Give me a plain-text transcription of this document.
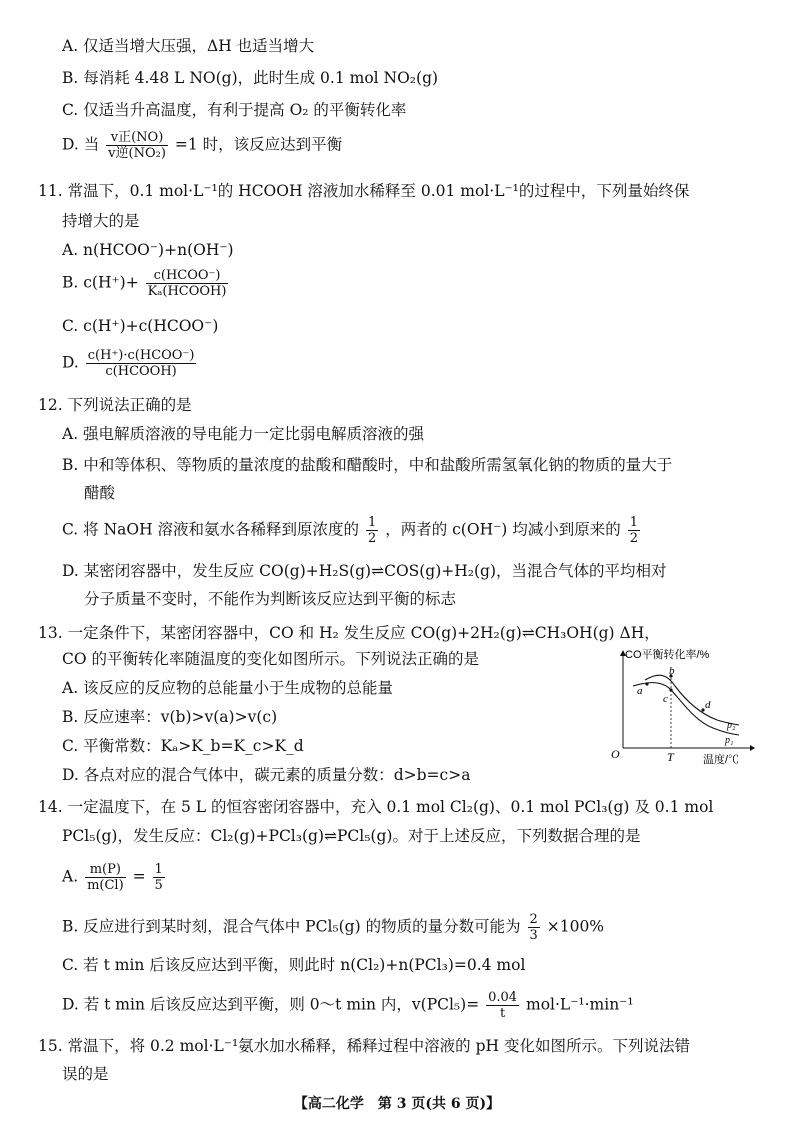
A. 仅适当增大压强，ΔH 也适当增大
B. 每消耗 4.48 L NO(g)，此时生成 0.1 mol NO₂(g)
C. 仅适当升高温度，有利于提高 O₂ 的平衡转化率
D. 当 $\frac{\text{v正(NO)}}{\text{v逆(NO₂)}} =1$ 时，该反应达到平衡
11. 常温下，0.1 mol·L⁻¹的 HCOOH 溶液加水稀释至 0.01 mol·L⁻¹的过程中，下列量始终保
持增大的是
A. n(HCOO⁻)+n(OH⁻)
B. $c(H^+)+ \frac{\text{c(HCOO⁻)}}{\text{Kₐ(HCOOH)}}$
C. c(H⁺)+c(HCOO⁻)
D. $\frac{\text{c(H⁺)·c(HCOO⁻)}}{\text{c(HCOOH)}}$
12. 下列说法正确的是
A. 强电解质溶液的导电能力一定比弱电解质溶液的强
B. 中和等体积、等物质的量浓度的盐酸和醋酸时，中和盐酸所需氢氧化钠的物质的量大于
醋酸
C. 将 NaOH 溶液和氨水各稀释到原浓度的 $\frac{1}{2}$ ，两者的 c(OH⁻) 均减小到原来的 $\frac{1}{2}$
D. 某密闭容器中，发生反应 CO(g)+H₂S(g)⇌COS(g)+H₂(g)，当混合气体的平均相对
分子质量不变时，不能作为判断该反应达到平衡的标志
13. 一定条件下，某密闭容器中，CO 和 H₂ 发生反应 CO(g)+2H₂(g)⇌CH₃OH(g) ΔH，
CO 的平衡转化率随温度的变化如图所示。下列说法正确的是
A. 该反应的反应物的总能量小于生成物的总能量
B. 反应速率：v(b)>v(a)>v(c)
C. 平衡常数：Kₐ>K_b=K_c>K_d
D. 各点对应的混合气体中，碳元素的质量分数：d>b=c>a
CO平衡转化率/%
温度/℃
O	T
a
b
c	d
p₁
p₂
14. 一定温度下，在 5 L 的恒容密闭容器中，充入 0.1 mol Cl₂(g)、0.1 mol PCl₃(g) 及 0.1 mol
PCl₅(g)，发生反应：Cl₂(g)+PCl₃(g)⇌PCl₅(g)。对于上述反应，下列数据合理的是
A. $\frac{m(P)}{m(Cl)} = \frac{1}{5}$
B. 反应进行到某时刻，混合气体中 PCl₅(g) 的物质的量分数可能为 $\frac{2}{3} \times 100\%$
C. 若 t min 后该反应达到平衡，则此时 n(Cl₂)+n(PCl₃)=0.4 mol
D. 若 t min 后该反应达到平衡，则 0～t min 内，$v(PCl_5)= \frac{0.04}{t} mol\cdot L^{-1}\cdot\min^{-1}$
15. 常温下，将 0.2 mol·L⁻¹氨水加水稀释，稀释过程中溶液的 pH 变化如图所示。下列说法错
误的是
【高二化学　第 3 页(共 6 页)】
